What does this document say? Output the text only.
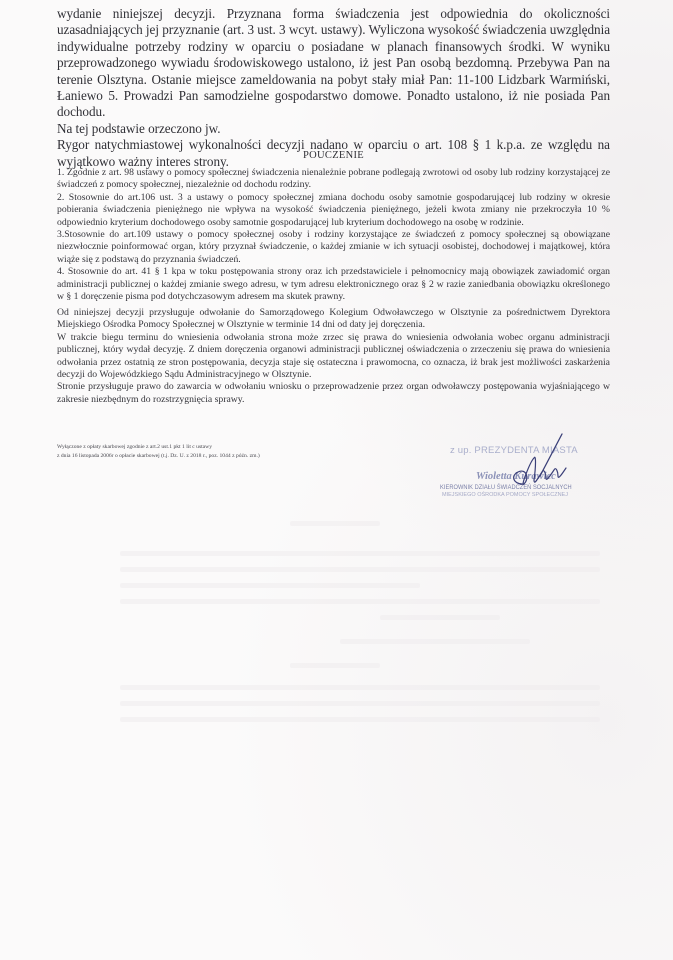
wydanie niniejszej decyzji. Przyznana forma świadczenia jest odpowiednia do okoliczności uzasadniających jej przyznanie (art. 3 ust. 3 wcyt. ustawy). Wyliczona wysokość świadczenia uwzględnia indywidualne potrzeby rodziny w oparciu o posiadane w planach finansowych środki. W wyniku przeprowadzonego wywiadu środowiskowego ustalono, iż jest Pan osobą bezdomną. Przebywa Pan na terenie Olsztyna. Ostanie miejsce zameldowania na pobyt stały miał Pan: 11-100 Lidzbark Warmiński, Łaniewo 5. Prowadzi Pan samodzielne gospodarstwo domowe. Ponadto ustalono, iż nie posiada Pan dochodu.

Na tej podstawie orzeczono jw.

Rygor natychmiastowej wykonalności decyzji nadano w oparciu o art. 108 § 1 k.p.a. ze względu na wyjątkowo ważny interes strony.	POUCZENIE

1. Zgodnie z art. 98 ustawy o pomocy społecznej świadczenia nienależnie pobrane podlegają zwrotowi od osoby lub rodziny korzystającej ze świadczeń z pomocy społecznej, niezależnie od dochodu rodziny.

2. Stosownie do art.106 ust. 3 a ustawy o pomocy społecznej zmiana dochodu osoby samotnie gospodarującej lub rodziny w okresie pobierania świadczenia pieniężnego nie wpływa na wysokość świadczenia pieniężnego, jeżeli kwota zmiany nie przekroczyła 10 % odpowiednio kryterium dochodowego osoby samotnie gospodarującej lub kryterium dochodowego na osobę w rodzinie.

3.Stosownie do art.109 ustawy o pomocy społecznej osoby i rodziny korzystające ze świadczeń z pomocy społecznej są obowiązane niezwłocznie poinformować organ, który przyznał świadczenie, o każdej zmianie w ich sytuacji osobistej, dochodowej i majątkowej, która wiąże się z podstawą do przyznania świadczeń.

4. Stosownie do art. 41 § 1 kpa w toku postępowania strony oraz ich przedstawiciele i pełnomocnicy mają obowiązek zawiadomić organ administracji publicznej o każdej zmianie swego adresu, w tym adresu elektronicznego oraz § 2 w razie zaniedbania obowiązku określonego w § 1 doręczenie pisma pod dotychczasowym adresem ma skutek prawny.

Od niniejszej decyzji przysługuje odwołanie do Samorządowego Kolegium Odwoławczego w Olsztynie za pośrednictwem Dyrektora Miejskiego Ośrodka Pomocy Społecznej w Olsztynie w terminie 14 dni od daty jej doręczenia.

W trakcie biegu terminu do wniesienia odwołania strona może zrzec się prawa do wniesienia odwołania wobec organu administracji publicznej, który wydał decyzję. Z dniem doręczenia organowi administracji publicznej oświadczenia o zrzeczeniu się prawa do wniesienia odwołania przez ostatnią ze stron postępowania, decyzja staje się ostateczna i prawomocna, co oznacza, iż brak jest możliwości zaskarżenia decyzji do Wojewódzkiego Sądu Administracyjnego w Olsztynie.

Stronie przysługuje prawo do zawarcia w odwołaniu wniosku o przeprowadzenie przez organ odwoławczy postępowania wyjaśniającego w zakresie niezbędnym do rozstrzygnięcia sprawy.

Wyłączone z opłaty skarbowej zgodnie z art.2 ust.1 pkt 1 lit c ustawy

z dnia 16 listopada 2006r o opłacie skarbowej (t.j. Dz. U. z 2018 r., poz. 1044 z późn. zm.)	z up. PREZYDENTA MIASTA
Wioletta Kurawiec
KIEROWNIK DZIAŁU ŚWIADCZEŃ SOCJALNYCH
MIEJSKIEGO OŚRODKA POMOCY SPOŁECZNEJ
